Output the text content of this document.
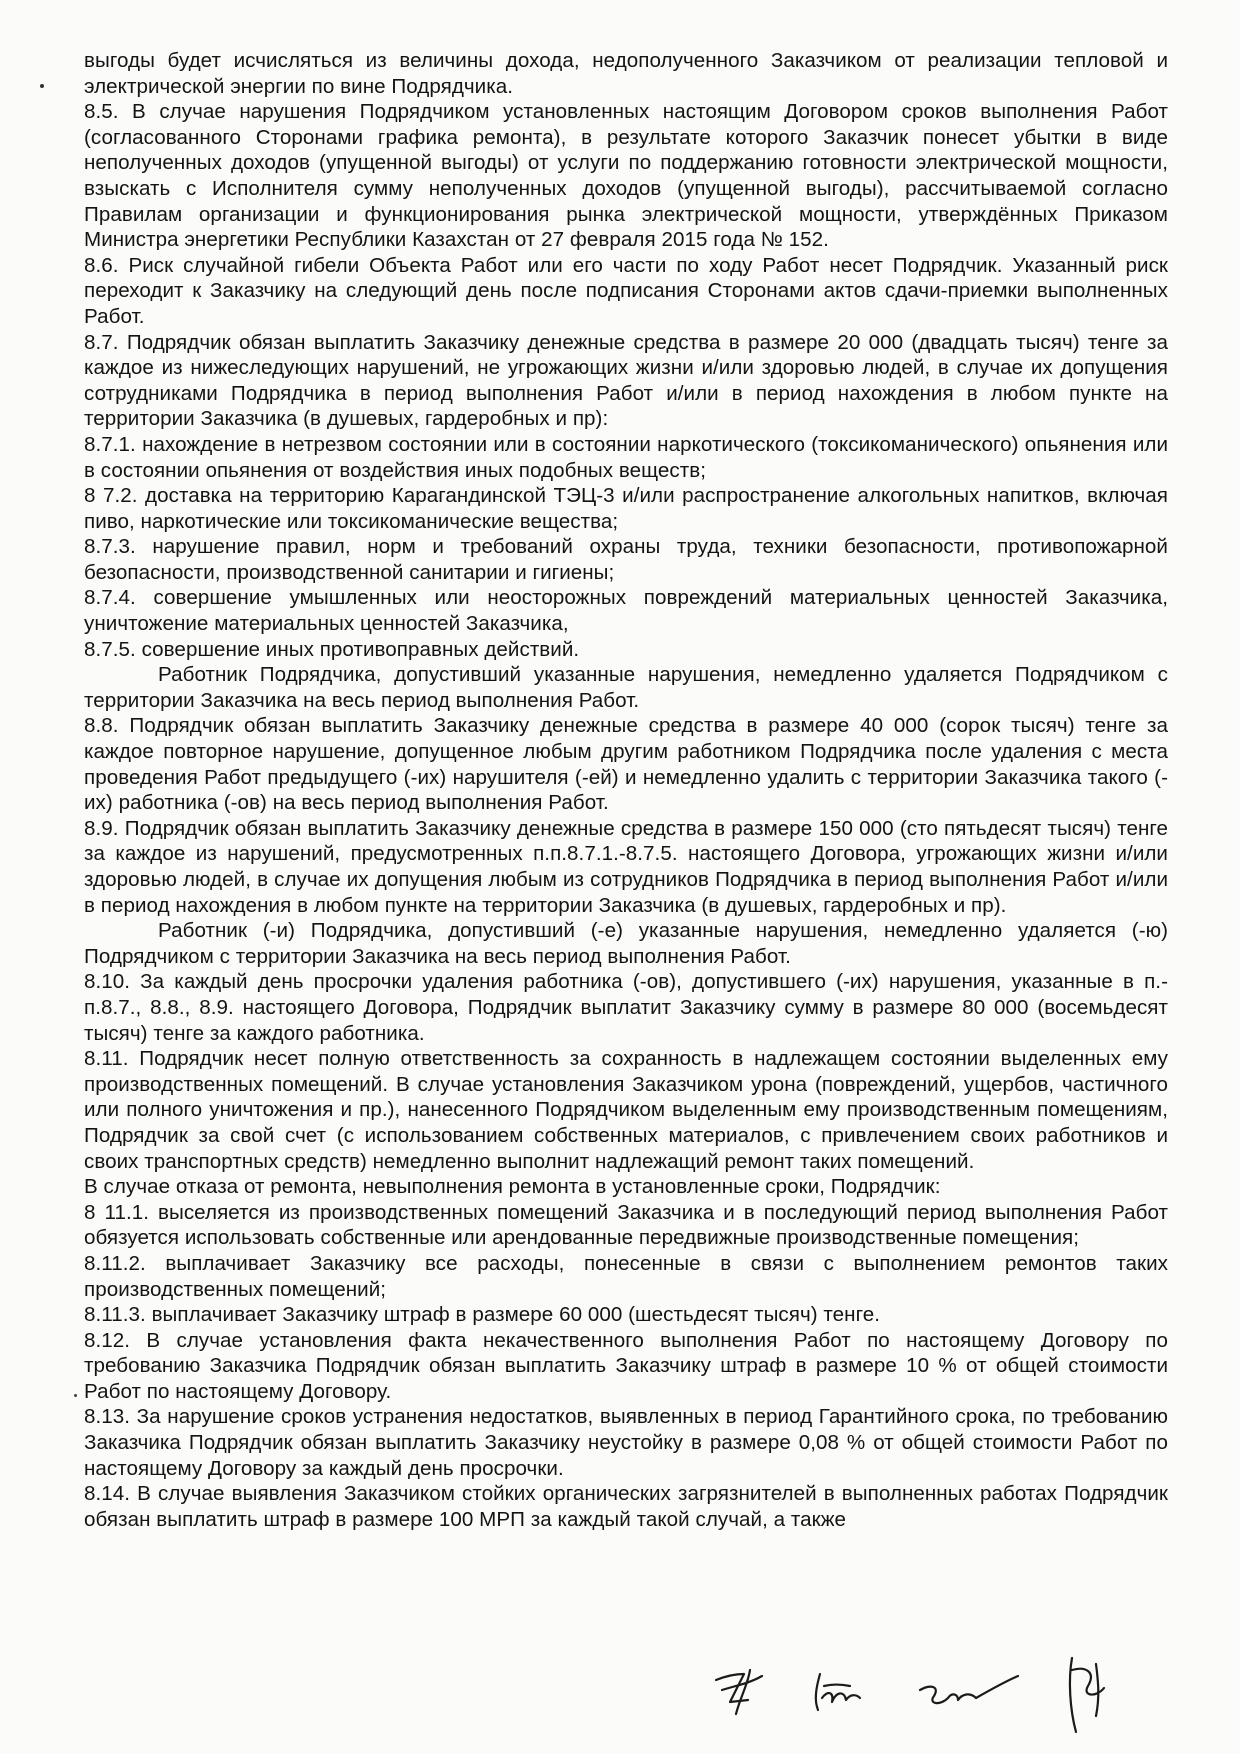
выгоды будет исчисляться из величины дохода, недополученного Заказчиком от реализации тепловой и электрической энергии по вине Подрядчика.

8.5. В случае нарушения Подрядчиком установленных настоящим Договором сроков выполнения Работ (согласованного Сторонами графика ремонта), в результате которого Заказчик понесет убытки в виде неполученных доходов (упущенной выгоды) от услуги по поддержанию готовности электрической мощности, взыскать с Исполнителя сумму неполученных доходов (упущенной выгоды), рассчитываемой согласно Правилам организации и функционирования рынка электрической мощности, утверждённых Приказом Министра энергетики Республики Казахстан от 27 февраля 2015 года № 152.

8.6. Риск случайной гибели Объекта Работ или его части по ходу Работ несет Подрядчик. Указанный риск переходит к Заказчику на следующий день после подписания Сторонами актов сдачи-приемки выполненных Работ.

8.7. Подрядчик обязан выплатить Заказчику денежные средства в размере 20 000 (двадцать тысяч) тенге за каждое из нижеследующих нарушений, не угрожающих жизни и/или здоровью людей, в случае их допущения сотрудниками Подрядчика в период выполнения Работ и/или в период нахождения в любом пункте на территории Заказчика (в душевых, гардеробных и пр):

8.7.1. нахождение в нетрезвом состоянии или в состоянии наркотического (токсикоманического) опьянения или в состоянии опьянения от воздействия иных подобных веществ;

8 7.2. доставка на территорию Карагандинской ТЭЦ-3 и/или распространение алкогольных напитков, включая пиво, наркотические или токсикоманические вещества;

8.7.3. нарушение правил, норм и требований охраны труда, техники безопасности, противопожарной безопасности, производственной санитарии и гигиены;

8.7.4. совершение умышленных или неосторожных повреждений материальных ценностей Заказчика, уничтожение материальных ценностей Заказчика,

8.7.5. совершение иных противоправных действий.

Работник Подрядчика, допустивший указанные нарушения, немедленно удаляется Подрядчиком с территории Заказчика на весь период выполнения Работ.

8.8. Подрядчик обязан выплатить Заказчику денежные средства в размере 40 000 (сорок тысяч) тенге за каждое повторное нарушение, допущенное любым другим работником Подрядчика после удаления с места проведения Работ предыдущего (-их) нарушителя (-ей) и немедленно удалить с территории Заказчика такого (-их) работника (-ов) на весь период выполнения Работ.

8.9. Подрядчик обязан выплатить Заказчику денежные средства в размере 150 000 (сто пятьдесят тысяч) тенге за каждое из нарушений, предусмотренных п.п.8.7.1.-8.7.5. настоящего Договора, угрожающих жизни и/или здоровью людей, в случае их допущения любым из сотрудников Подрядчика в период выполнения Работ и/или в период нахождения в любом пункте на территории Заказчика (в душевых, гардеробных и пр).

Работник (-и) Подрядчика, допустивший (-е) указанные нарушения, немедленно удаляется (-ю) Подрядчиком с территории Заказчика на весь период выполнения Работ.

8.10. За каждый день просрочки удаления работника (-ов), допустившего (-их) нарушения, указанные в п.-п.8.7., 8.8., 8.9. настоящего Договора, Подрядчик выплатит Заказчику сумму в размере 80 000 (восемьдесят тысяч) тенге за каждого работника.

8.11. Подрядчик несет полную ответственность за сохранность в надлежащем состоянии выделенных ему производственных помещений. В случае установления Заказчиком урона (повреждений, ущербов, частичного или полного уничтожения и пр.), нанесенного Подрядчиком выделенным ему производственным помещениям, Подрядчик за свой счет (с использованием собственных материалов, с привлечением своих работников и своих транспортных средств) немедленно выполнит надлежащий ремонт таких помещений.

В случае отказа от ремонта, невыполнения ремонта в установленные сроки, Подрядчик:

8 11.1. выселяется из производственных помещений Заказчика и в последующий период выполнения Работ обязуется использовать собственные или арендованные передвижные производственные помещения;

8.11.2. выплачивает Заказчику все расходы, понесенные в связи с выполнением ремонтов таких производственных помещений;

8.11.3. выплачивает Заказчику штраф в размере 60 000 (шестьдесят тысяч) тенге.

8.12. В случае установления факта некачественного выполнения Работ по настоящему Договору по требованию Заказчика Подрядчик обязан выплатить Заказчику штраф в размере 10 % от общей стоимости Работ по настоящему Договору.

8.13. За нарушение сроков устранения недостатков, выявленных в период Гарантийного срока, по требованию Заказчика Подрядчик обязан выплатить Заказчику неустойку в размере 0,08 % от общей стоимости Работ по настоящему Договору за каждый день просрочки.

8.14. В случае выявления Заказчиком стойких органических загрязнителей в выполненных работах Подрядчик обязан выплатить штраф в размере 100 МРП за каждый такой случай, а также
